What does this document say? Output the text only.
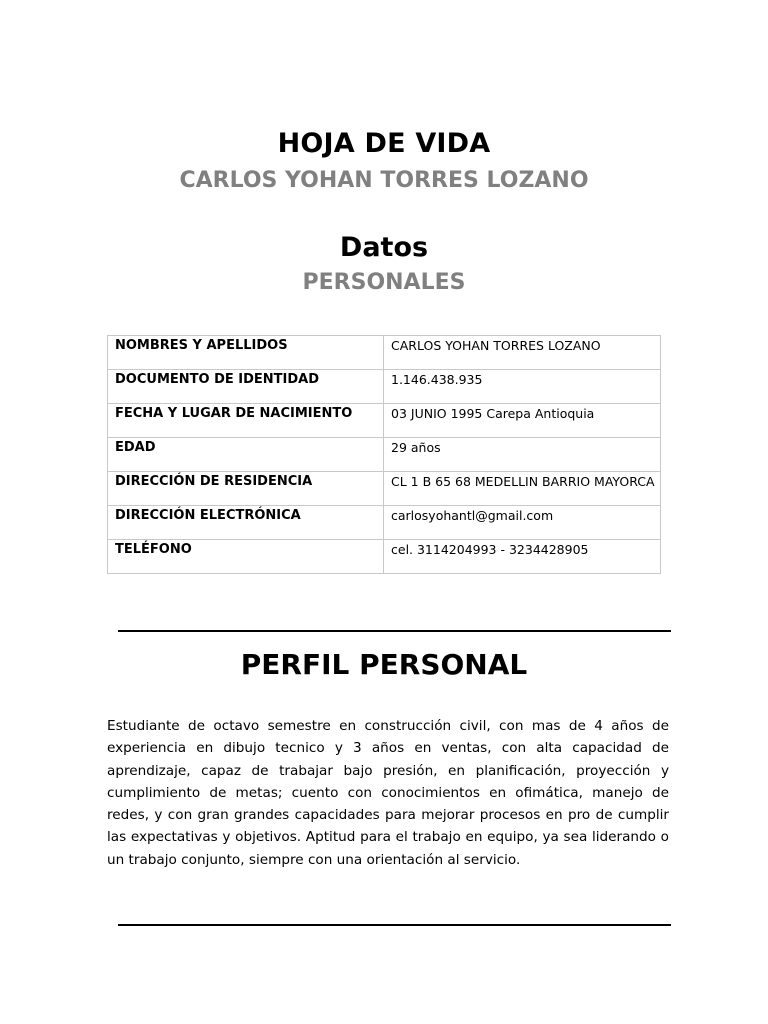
HOJA DE VIDA
CARLOS YOHAN TORRES LOZANO
Datos
PERSONALES
NOMBRES Y APELLIDOS	CARLOS YOHAN TORRES LOZANO
DOCUMENTO DE IDENTIDAD	1.146.438.935
FECHA Y LUGAR DE NACIMIENTO	03 JUNIO 1995 Carepa Antioquia
EDAD	29 años
DIRECCIÓN DE RESIDENCIA	CL 1 B 65 68 MEDELLIN BARRIO MAYORCA
DIRECCIÓN ELECTRÓNICA	carlosyohantl@gmail.com
TELÉFONO	cel. 3114204993 - 3234428905
PERFIL PERSONAL

Estudiante de octavo semestre en construcción civil, con mas de 4 años de experiencia en dibujo tecnico y 3 años en ventas, con alta capacidad de aprendizaje, capaz de trabajar bajo presión, en planificación, proyección y cumplimiento de metas; cuento con conocimientos en ofimática, manejo de redes, y con gran grandes capacidades para mejorar procesos en pro de cumplir las expectativas y objetivos. Aptitud para el trabajo en equipo, ya sea liderando o un trabajo conjunto, siempre con una orientación al servicio.
